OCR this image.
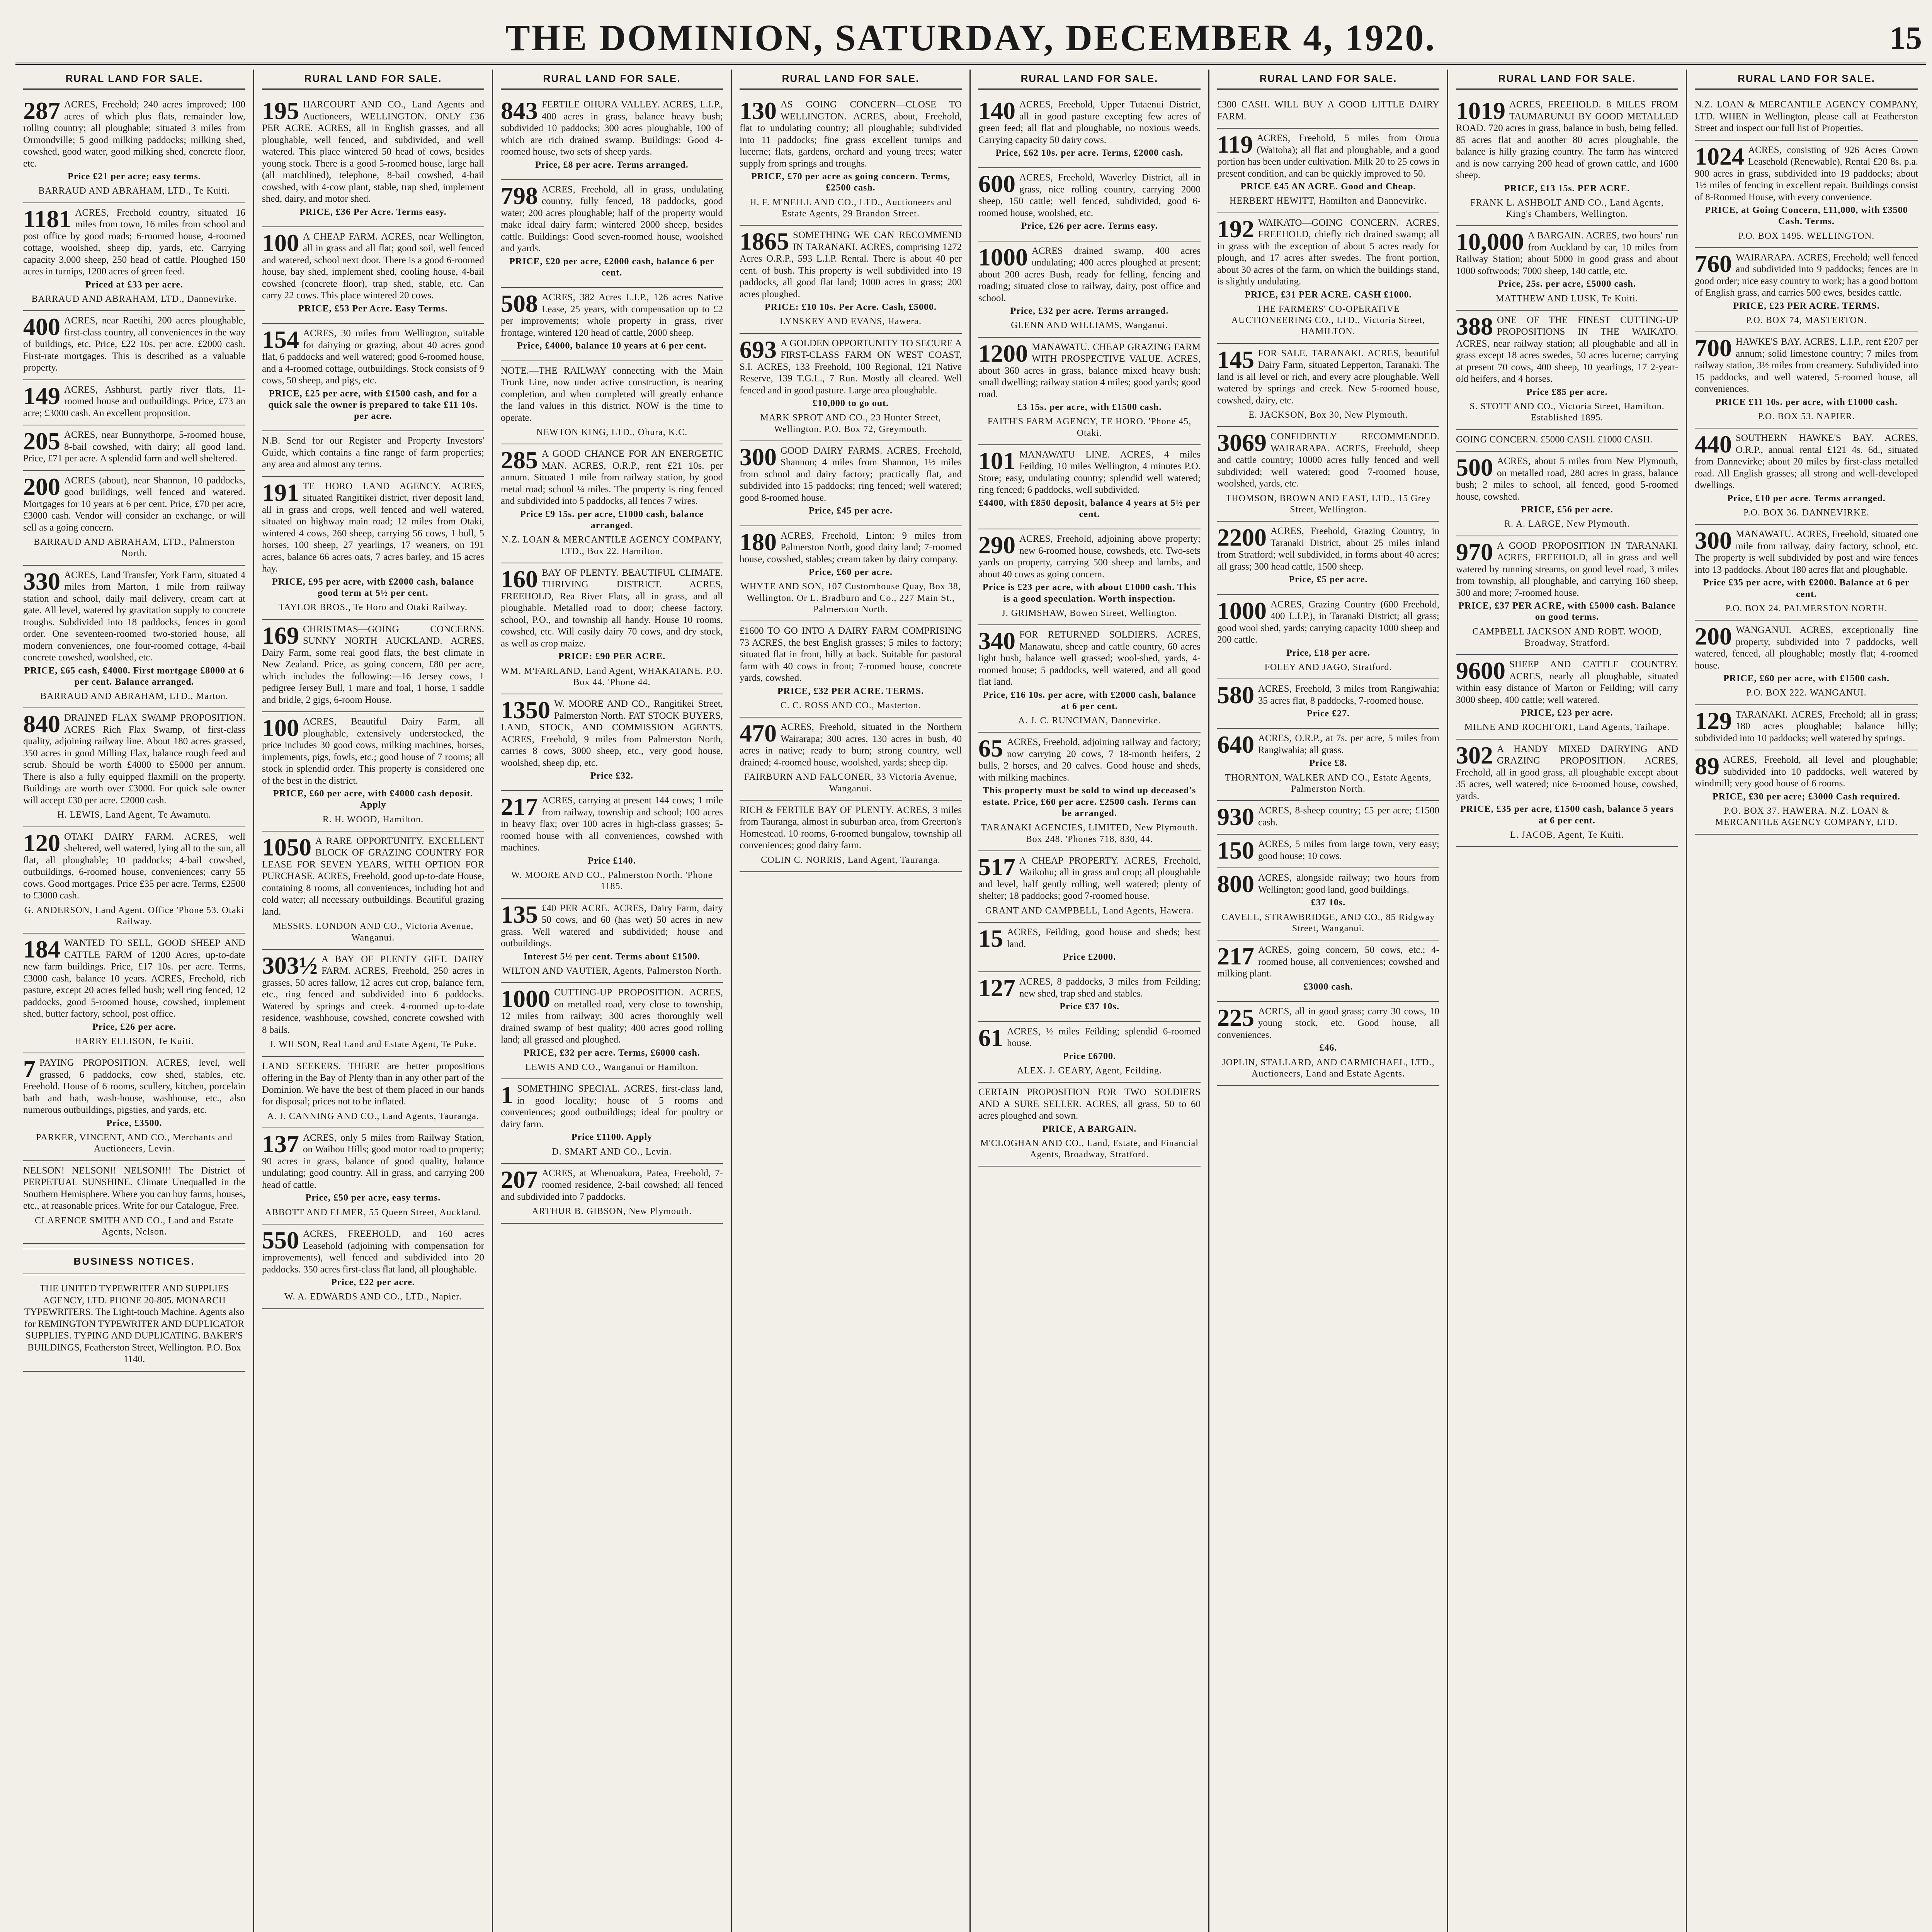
THE DOMINION, SATURDAY, DECEMBER 4, 1920.	15
RURAL LAND FOR SALE.
287 ACRES, Freehold; 240 acres improved; 100 acres of which plus flats, remainder low, rolling country; all ploughable; situated 3 miles from Ormondville; 5 good milking paddocks; milking shed, cowshed, good water, good milking shed, concrete floor, etc.
Price £21 per acre; easy terms.
BARRAUD AND ABRAHAM, LTD., Te Kuiti.
1181 ACRES, Freehold country, situated 16 miles from town, 16 miles from school and post office by good roads; 6-roomed house, 4-roomed cottage, woolshed, sheep dip, yards, etc. Carrying capacity 3,000 sheep, 250 head of cattle. Ploughed 150 acres in turnips, 1200 acres of green feed.
Priced at £33 per acre.
BARRAUD AND ABRAHAM, LTD., Dannevirke.
400 ACRES, near Raetihi, 200 acres ploughable, first-class country, all conveniences in the way of buildings, etc. Price, £22 10s. per acre. £2000 cash. First-rate mortgages. This is described as a valuable property.
149 ACRES, Ashhurst, partly river flats, 11-roomed house and outbuildings. Price, £73 an acre; £3000 cash. An excellent proposition.
205 ACRES, near Bunnythorpe, 5-roomed house, 8-bail cowshed, with dairy; all good land. Price, £71 per acre. A splendid farm and well sheltered.
200 ACRES (about), near Shannon, 10 paddocks, good buildings, well fenced and watered. Mortgages for 10 years at 6 per cent. Price, £70 per acre, £3000 cash. Vendor will consider an exchange, or will sell as a going concern.
BARRAUD AND ABRAHAM, LTD., Palmerston North.
330 ACRES, Land Transfer, York Farm, situated 4 miles from Marton, 1 mile from railway station and school, daily mail delivery, cream cart at gate. All level, watered by gravitation supply to concrete troughs. Subdivided into 18 paddocks, fences in good order. One seventeen-roomed two-storied house, all modern conveniences, one four-roomed cottage, 4-bail concrete cowshed, woolshed, etc.
PRICE, £65 cash, £4000. First mortgage £8000 at 6 per cent. Balance arranged.
BARRAUD AND ABRAHAM, LTD., Marton.
840 DRAINED FLAX SWAMP PROPOSITION. ACRES Rich Flax Swamp, of first-class quality, adjoining railway line. About 180 acres grassed, 350 acres in good Milling Flax, balance rough feed and scrub. Should be worth £4000 to £5000 per annum. There is also a fully equipped flaxmill on the property. Buildings are worth over £3000. For quick sale owner will accept £30 per acre. £2000 cash.
H. LEWIS, Land Agent, Te Awamutu.
120 OTAKI DAIRY FARM. ACRES, well sheltered, well watered, lying all to the sun, all flat, all ploughable; 10 paddocks; 4-bail cowshed, outbuildings, 6-roomed house, conveniences; carry 55 cows. Good mortgages. Price £35 per acre. Terms, £2500 to £3000 cash.
G. ANDERSON, Land Agent. Office 'Phone 53. Otaki Railway.
184 WANTED TO SELL, GOOD SHEEP AND CATTLE FARM of 1200 Acres, up-to-date new farm buildings. Price, £17 10s. per acre. Terms, £3000 cash, balance 10 years. ACRES, Freehold, rich pasture, except 20 acres felled bush; well ring fenced, 12 paddocks, good 5-roomed house, cowshed, implement shed, butter factory, school, post office.
Price, £26 per acre.
HARRY ELLISON, Te Kuiti.
7 PAYING PROPOSITION. ACRES, level, well grassed, 6 paddocks, cow shed, stables, etc. Freehold. House of 6 rooms, scullery, kitchen, porcelain bath and bath, wash-house, washhouse, etc., also numerous outbuildings, pigsties, and yards, etc.
Price, £3500.
PARKER, VINCENT, AND CO., Merchants and Auctioneers, Levin.
NELSON! NELSON!! NELSON!!! The District of PERPETUAL SUNSHINE. Climate Unequalled in the Southern Hemisphere. Where you can buy farms, houses, etc., at reasonable prices. Write for our Catalogue, Free.
CLARENCE SMITH AND CO., Land and Estate Agents, Nelson.
BUSINESS NOTICES.
THE UNITED TYPEWRITER AND SUPPLIES AGENCY, LTD. PHONE 20-805. MONARCH TYPEWRITERS. The Light-touch Machine. Agents also for REMINGTON TYPEWRITER AND DUPLICATOR SUPPLIES. TYPING AND DUPLICATING. BAKER'S BUILDINGS, Featherston Street, Wellington. P.O. Box 1140.
RURAL LAND FOR SALE.
195 HARCOURT AND CO., Land Agents and Auctioneers, WELLINGTON. ONLY £36 PER ACRE. ACRES, all in English grasses, and all ploughable, well fenced, and subdivided, and well watered. This place wintered 50 head of cows, besides young stock. There is a good 5-roomed house, large hall (all matchlined), telephone, 8-bail cowshed, 4-bail cowshed, with 4-cow plant, stable, trap shed, implement shed, dairy, and motor shed.
PRICE, £36 Per Acre. Terms easy.
100 A CHEAP FARM. ACRES, near Wellington, all in grass and all flat; good soil, well fenced and watered, school next door. There is a good 6-roomed house, bay shed, implement shed, cooling house, 4-bail cowshed (concrete floor), trap shed, stable, etc. Can carry 22 cows. This place wintered 20 cows.
PRICE, £53 Per Acre. Easy Terms.
154 ACRES, 30 miles from Wellington, suitable for dairying or grazing, about 40 acres good flat, 6 paddocks and well watered; good 6-roomed house, and a 4-roomed cottage, outbuildings. Stock consists of 9 cows, 50 sheep, and pigs, etc.
PRICE, £25 per acre, with £1500 cash, and for a quick sale the owner is prepared to take £11 10s. per acre.
N.B. Send for our Register and Property Investors' Guide, which contains a fine range of farm properties; any area and almost any terms.
191 TE HORO LAND AGENCY. ACRES, situated Rangitikei district, river deposit land, all in grass and crops, well fenced and well watered, situated on highway main road; 12 miles from Otaki, wintered 4 cows, 260 sheep, carrying 56 cows, 1 bull, 5 horses, 100 sheep, 27 yearlings, 17 weaners, on 191 acres, balance 66 acres oats, 7 acres barley, and 15 acres hay.
PRICE, £95 per acre, with £2000 cash, balance good term at 5½ per cent.
TAYLOR BROS., Te Horo and Otaki Railway.
169 CHRISTMAS—GOING CONCERNS. SUNNY NORTH AUCKLAND. ACRES, Dairy Farm, some real good flats, the best climate in New Zealand. Price, as going concern, £80 per acre, which includes the following:—16 Jersey cows, 1 pedigree Jersey Bull, 1 mare and foal, 1 horse, 1 saddle and bridle, 2 gigs, 6-room House.
100 ACRES, Beautiful Dairy Farm, all ploughable, extensively understocked, the price includes 30 good cows, milking machines, horses, implements, pigs, fowls, etc.; good house of 7 rooms; all stock in splendid order. This property is considered one of the best in the district.
PRICE, £60 per acre, with £4000 cash deposit. Apply
R. H. WOOD, Hamilton.
1050 A RARE OPPORTUNITY. EXCELLENT BLOCK OF GRAZING COUNTRY FOR LEASE FOR SEVEN YEARS, WITH OPTION FOR PURCHASE. ACRES, Freehold, good up-to-date House, containing 8 rooms, all conveniences, including hot and cold water; all necessary outbuildings. Beautiful grazing land.
MESSRS. LONDON AND CO., Victoria Avenue, Wanganui.
303½ A BAY OF PLENTY GIFT. DAIRY FARM. ACRES, Freehold, 250 acres in grasses, 50 acres fallow, 12 acres cut crop, balance fern, etc., ring fenced and subdivided into 6 paddocks. Watered by springs and creek. 4-roomed up-to-date residence, washhouse, cowshed, concrete cowshed with 8 bails.
J. WILSON, Real Land and Estate Agent, Te Puke.
LAND SEEKERS. THERE are better propositions offering in the Bay of Plenty than in any other part of the Dominion. We have the best of them placed in our hands for disposal; prices not to be inflated.
A. J. CANNING AND CO., Land Agents, Tauranga.
137 ACRES, only 5 miles from Railway Station, on Waihou Hills; good motor road to property; 90 acres in grass, balance of good quality, balance undulating; good country. All in grass, and carrying 200 head of cattle.
Price, £50 per acre, easy terms.
ABBOTT AND ELMER, 55 Queen Street, Auckland.
550 ACRES, FREEHOLD, and 160 acres Leasehold (adjoining with compensation for improvements), well fenced and subdivided into 20 paddocks. 350 acres first-class flat land, all ploughable.
Price, £22 per acre.
W. A. EDWARDS AND CO., LTD., Napier.
RURAL LAND FOR SALE.
843 FERTILE OHURA VALLEY. ACRES, L.I.P., 400 acres in grass, balance heavy bush; subdivided 10 paddocks; 300 acres ploughable, 100 of which are rich drained swamp. Buildings: Good 4-roomed house, two sets of sheep yards.
Price, £8 per acre. Terms arranged.
798 ACRES, Freehold, all in grass, undulating country, fully fenced, 18 paddocks, good water; 200 acres ploughable; half of the property would make ideal dairy farm; wintered 2000 sheep, besides cattle. Buildings: Good seven-roomed house, woolshed and yards.
PRICE, £20 per acre, £2000 cash, balance 6 per cent.
508 ACRES, 382 Acres L.I.P., 126 acres Native Lease, 25 years, with compensation up to £2 per improvements; whole property in grass, river frontage, wintered 120 head of cattle, 2000 sheep.
Price, £4000, balance 10 years at 6 per cent.
NOTE.—THE RAILWAY connecting with the Main Trunk Line, now under active construction, is nearing completion, and when completed will greatly enhance the land values in this district. NOW is the time to operate.
NEWTON KING, LTD., Ohura, K.C.
285 A GOOD CHANCE FOR AN ENERGETIC MAN. ACRES, O.R.P., rent £21 10s. per annum. Situated 1 mile from railway station, by good metal road; school ¼ miles. The property is ring fenced and subdivided into 5 paddocks, all fences 7 wires.
Price £9 15s. per acre, £1000 cash, balance arranged.
N.Z. LOAN & MERCANTILE AGENCY COMPANY, LTD., Box 22. Hamilton.
160 BAY OF PLENTY. BEAUTIFUL CLIMATE. THRIVING DISTRICT. ACRES, FREEHOLD, Rea River Flats, all in grass, and all ploughable. Metalled road to door; cheese factory, school, P.O., and township all handy. House 10 rooms, cowshed, etc. Will easily dairy 70 cows, and dry stock, as well as crop maize.
PRICE: £90 PER ACRE.
WM. M'FARLAND, Land Agent, WHAKATANE. P.O. Box 44. 'Phone 44.
1350 W. MOORE AND CO., Rangitikei Street, Palmerston North. FAT STOCK BUYERS, LAND, STOCK, AND COMMISSION AGENTS. ACRES, Freehold, 9 miles from Palmerston North, carries 8 cows, 3000 sheep, etc., very good house, woolshed, sheep dip, etc.
Price £32.
217 ACRES, carrying at present 144 cows; 1 mile from railway, township and school; 100 acres in heavy flax; over 100 acres in high-class grasses; 5-roomed house with all conveniences, cowshed with machines.
Price £140.
W. MOORE AND CO., Palmerston North. 'Phone 1185.
135 £40 PER ACRE. ACRES, Dairy Farm, dairy 50 cows, and 60 (has wet) 50 acres in new grass. Well watered and subdivided; house and outbuildings.
Interest 5½ per cent. Terms about £1500.
WILTON AND VAUTIER, Agents, Palmerston North.
1000 CUTTING-UP PROPOSITION. ACRES, on metalled road, very close to township, 12 miles from railway; 300 acres thoroughly well drained swamp of best quality; 400 acres good rolling land; all grassed and ploughed.
PRICE, £32 per acre. Terms, £6000 cash.
LEWIS AND CO., Wanganui or Hamilton.
1 SOMETHING SPECIAL. ACRES, first-class land, in good locality; house of 5 rooms and conveniences; good outbuildings; ideal for poultry or dairy farm.
Price £1100. Apply
D. SMART AND CO., Levin.
207 ACRES, at Whenuakura, Patea, Freehold, 7-roomed residence, 2-bail cowshed; all fenced and subdivided into 7 paddocks.
ARTHUR B. GIBSON, New Plymouth.
RURAL LAND FOR SALE.
130 AS GOING CONCERN—CLOSE TO WELLINGTON. ACRES, about, Freehold, flat to undulating country; all ploughable; subdivided into 11 paddocks; fine grass excellent turnips and lucerne; flats, gardens, orchard and young trees; water supply from springs and troughs.
PRICE, £70 per acre as going concern. Terms, £2500 cash.
H. F. M'NEILL AND CO., LTD., Auctioneers and Estate Agents, 29 Brandon Street.
1865 SOMETHING WE CAN RECOMMEND IN TARANAKI. ACRES, comprising 1272 Acres O.R.P., 593 L.I.P. Rental. There is about 40 per cent. of bush. This property is well subdivided into 19 paddocks, all good flat land; 1000 acres in grass; 200 acres ploughed.
PRICE: £10 10s. Per Acre. Cash, £5000.
LYNSKEY AND EVANS, Hawera.
693 A GOLDEN OPPORTUNITY TO SECURE A FIRST-CLASS FARM ON WEST COAST, S.I. ACRES, 133 Freehold, 100 Regional, 121 Native Reserve, 139 T.G.L., 7 Run. Mostly all cleared. Well fenced and in good pasture. Large area ploughable.
£10,000 to go out.
MARK SPROT AND CO., 23 Hunter Street, Wellington. P.O. Box 72, Greymouth.
300 GOOD DAIRY FARMS. ACRES, Freehold, Shannon; 4 miles from Shannon, 1½ miles from school and dairy factory; practically flat, and subdivided into 15 paddocks; ring fenced; well watered; good 8-roomed house.
Price, £45 per acre.
180 ACRES, Freehold, Linton; 9 miles from Palmerston North, good dairy land; 7-roomed house, cowshed, stables; cream taken by dairy company.
Price, £60 per acre.
WHYTE AND SON, 107 Customhouse Quay, Box 38, Wellington. Or L. Bradburn and Co., 227 Main St., Palmerston North.
£1600 TO GO INTO A DAIRY FARM COMPRISING 73 ACRES, the best English grasses; 5 miles to factory; situated flat in front, hilly at back. Suitable for pastoral farm with 40 cows in front; 7-roomed house, concrete yards, cowshed.
PRICE, £32 PER ACRE. TERMS.
C. C. ROSS AND CO., Masterton.
470 ACRES, Freehold, situated in the Northern Wairarapa; 300 acres, 130 acres in bush, 40 acres in native; ready to burn; strong country, well drained; 4-roomed house, woolshed, yards; sheep dip.
FAIRBURN AND FALCONER, 33 Victoria Avenue, Wanganui.
RICH & FERTILE BAY OF PLENTY. ACRES, 3 miles from Tauranga, almost in suburban area, from Greerton's Homestead. 10 rooms, 6-roomed bungalow, township all conveniences; good dairy farm.
COLIN C. NORRIS, Land Agent, Tauranga.
RURAL LAND FOR SALE.
140 ACRES, Freehold, Upper Tutaenui District, all in good pasture excepting few acres of green feed; all flat and ploughable, no noxious weeds. Carrying capacity 50 dairy cows.
Price, £62 10s. per acre. Terms, £2000 cash.
600 ACRES, Freehold, Waverley District, all in grass, nice rolling country, carrying 2000 sheep, 150 cattle; well fenced, subdivided, good 6-roomed house, woolshed, etc.
Price, £26 per acre. Terms easy.
1000 ACRES drained swamp, 400 acres undulating; 400 acres ploughed at present; about 200 acres Bush, ready for felling, fencing and roading; situated close to railway, dairy, post office and school.
Price, £32 per acre. Terms arranged.
GLENN AND WILLIAMS, Wanganui.
1200 MANAWATU. CHEAP GRAZING FARM WITH PROSPECTIVE VALUE. ACRES, about 360 acres in grass, balance mixed heavy bush; small dwelling; railway station 4 miles; good yards; good road.
£3 15s. per acre, with £1500 cash.
FAITH'S FARM AGENCY, TE HORO. 'Phone 45, Otaki.
101 MANAWATU LINE. ACRES, 4 miles Feilding, 10 miles Wellington, 4 minutes P.O. Store; easy, undulating country; splendid well watered; ring fenced; 6 paddocks, well subdivided.
£4400, with £850 deposit, balance 4 years at 5½ per cent.
290 ACRES, Freehold, adjoining above property; new 6-roomed house, cowsheds, etc. Two-sets yards on property, carrying 500 sheep and lambs, and about 40 cows as going concern.
Price is £23 per acre, with about £1000 cash. This is a good speculation. Worth inspection.
J. GRIMSHAW, Bowen Street, Wellington.
340 FOR RETURNED SOLDIERS. ACRES, Manawatu, sheep and cattle country, 60 acres light bush, balance well grassed; wool-shed, yards, 4-roomed house; 5 paddocks, well watered, and all good flat land.
Price, £16 10s. per acre, with £2000 cash, balance at 6 per cent.
A. J. C. RUNCIMAN, Dannevirke.
65 ACRES, Freehold, adjoining railway and factory; now carrying 20 cows, 7 18-month heifers, 2 bulls, 2 horses, and 20 calves. Good house and sheds, with milking machines.
This property must be sold to wind up deceased's estate. Price, £60 per acre. £2500 cash. Terms can be arranged.
TARANAKI AGENCIES, LIMITED, New Plymouth. Box 248. 'Phones 718, 830, 44.
517 A CHEAP PROPERTY. ACRES, Freehold, Waikohu; all in grass and crop; all ploughable and level, half gently rolling, well watered; plenty of shelter; 18 paddocks; good 7-roomed house.
GRANT AND CAMPBELL, Land Agents, Hawera.
15 ACRES, Feilding, good house and sheds; best land.
Price £2000.
127 ACRES, 8 paddocks, 3 miles from Feilding; new shed, trap shed and stables.
Price £37 10s.
61 ACRES, ½ miles Feilding; splendid 6-roomed house.
Price £6700.
ALEX. J. GEARY, Agent, Feilding.
CERTAIN PROPOSITION FOR TWO SOLDIERS AND A SURE SELLER. ACRES, all grass, 50 to 60 acres ploughed and sown.
PRICE, A BARGAIN.
M'CLOGHAN AND CO., Land, Estate, and Financial Agents, Broadway, Stratford.
RURAL LAND FOR SALE.
£300 CASH. WILL BUY A GOOD LITTLE DAIRY FARM.
119 ACRES, Freehold, 5 miles from Oroua (Waitoha); all flat and ploughable, and a good portion has been under cultivation. Milk 20 to 25 cows in present condition, and can be quickly improved to 50.
PRICE £45 AN ACRE. Good and Cheap.
HERBERT HEWITT, Hamilton and Dannevirke.
192 WAIKATO—GOING CONCERN. ACRES, FREEHOLD, chiefly rich drained swamp; all in grass with the exception of about 5 acres ready for plough, and 17 acres after swedes. The front portion, about 30 acres of the farm, on which the buildings stand, is slightly undulating.
PRICE, £31 PER ACRE. CASH £1000.
THE FARMERS' CO-OPERATIVE AUCTIONEERING CO., LTD., Victoria Street, HAMILTON.
145 FOR SALE. TARANAKI. ACRES, beautiful Dairy Farm, situated Lepperton, Taranaki. The land is all level or rich, and every acre ploughable. Well watered by springs and creek. New 5-roomed house, cowshed, dairy, etc.
E. JACKSON, Box 30, New Plymouth.
3069 CONFIDENTLY RECOMMENDED. WAIRARAPA. ACRES, Freehold, sheep and cattle country; 10000 acres fully fenced and well subdivided; well watered; good 7-roomed house, woolshed, yards, etc.
THOMSON, BROWN AND EAST, LTD., 15 Grey Street, Wellington.
2200 ACRES, Freehold, Grazing Country, in Taranaki District, about 25 miles inland from Stratford; well subdivided, in forms about 40 acres; all grass; 300 head cattle, 1500 sheep.
Price, £5 per acre.
1000 ACRES, Grazing Country (600 Freehold, 400 L.I.P.), in Taranaki District; all grass; good wool shed, yards; carrying capacity 1000 sheep and 200 cattle.
Price, £18 per acre.
FOLEY AND JAGO, Stratford.
580 ACRES, Freehold, 3 miles from Rangiwahia; 35 acres flat, 8 paddocks, 7-roomed house.
Price £27.
640 ACRES, O.R.P., at 7s. per acre, 5 miles from Rangiwahia; all grass.
Price £8.
THORNTON, WALKER AND CO., Estate Agents, Palmerston North.
930 ACRES, 8-sheep country; £5 per acre; £1500 cash.
150 ACRES, 5 miles from large town, very easy; good house; 10 cows.
800 ACRES, alongside railway; two hours from Wellington; good land, good buildings.
£37 10s.
CAVELL, STRAWBRIDGE, AND CO., 85 Ridgway Street, Wanganui.
217 ACRES, going concern, 50 cows, etc.; 4-roomed house, all conveniences; cowshed and milking plant.
£3000 cash.
225 ACRES, all in good grass; carry 30 cows, 10 young stock, etc. Good house, all conveniences.
£46.
JOPLIN, STALLARD, AND CARMICHAEL, LTD., Auctioneers, Land and Estate Agents.
RURAL LAND FOR SALE.
1019 ACRES, FREEHOLD. 8 MILES FROM TAUMARUNUI BY GOOD METALLED ROAD. 720 acres in grass, balance in bush, being felled. 85 acres flat and another 80 acres ploughable, the balance is hilly grazing country. The farm has wintered and is now carrying 200 head of grown cattle, and 1600 sheep.
PRICE, £13 15s. PER ACRE.
FRANK L. ASHBOLT AND CO., Land Agents, King's Chambers, Wellington.
10,000 A BARGAIN. ACRES, two hours' run from Auckland by car, 10 miles from Railway Station; about 5000 in good grass and about 1000 softwoods; 7000 sheep, 140 cattle, etc.
Price, 25s. per acre, £5000 cash.
MATTHEW AND LUSK, Te Kuiti.
388 ONE OF THE FINEST CUTTING-UP PROPOSITIONS IN THE WAIKATO. ACRES, near railway station; all ploughable and all in grass except 18 acres swedes, 50 acres lucerne; carrying at present 70 cows, 400 sheep, 10 yearlings, 17 2-year-old heifers, and 4 horses.
Price £85 per acre.
S. STOTT AND CO., Victoria Street, Hamilton. Established 1895.
GOING CONCERN. £5000 CASH. £1000 CASH.
500 ACRES, about 5 miles from New Plymouth, on metalled road, 280 acres in grass, balance bush; 2 miles to school, all fenced, good 5-roomed house, cowshed.
PRICE, £56 per acre.
R. A. LARGE, New Plymouth.
970 A GOOD PROPOSITION IN TARANAKI. ACRES, FREEHOLD, all in grass and well watered by running streams, on good level road, 3 miles from township, all ploughable, and carrying 160 sheep, 500 and more; 7-roomed house.
PRICE, £37 PER ACRE, with £5000 cash. Balance on good terms.
CAMPBELL JACKSON AND ROBT. WOOD, Broadway, Stratford.
9600 SHEEP AND CATTLE COUNTRY. ACRES, nearly all ploughable, situated within easy distance of Marton or Feilding; will carry 3000 sheep, 400 cattle; well watered.
PRICE, £23 per acre.
MILNE AND ROCHFORT, Land Agents, Taihape.
302 A HANDY MIXED DAIRYING AND GRAZING PROPOSITION. ACRES, Freehold, all in good grass, all ploughable except about 35 acres, well watered; nice 6-roomed house, cowshed, yards.
PRICE, £35 per acre, £1500 cash, balance 5 years at 6 per cent.
L. JACOB, Agent, Te Kuiti.
RURAL LAND FOR SALE.
N.Z. LOAN & MERCANTILE AGENCY COMPANY, LTD. WHEN in Wellington, please call at Featherston Street and inspect our full list of Properties.
1024 ACRES, consisting of 926 Acres Crown Leasehold (Renewable), Rental £20 8s. p.a. 900 acres in grass, subdivided into 19 paddocks; about 1½ miles of fencing in excellent repair. Buildings consist of 8-Roomed House, with every convenience.
PRICE, at Going Concern, £11,000, with £3500 Cash. Terms.
P.O. BOX 1495. WELLINGTON.
760 WAIRARAPA. ACRES, Freehold; well fenced and subdivided into 9 paddocks; fences are in good order; nice easy country to work; has a good bottom of English grass, and carries 500 ewes, besides cattle.
PRICE, £23 PER ACRE. TERMS.
P.O. BOX 74, MASTERTON.
700 HAWKE'S BAY. ACRES, L.I.P., rent £207 per annum; solid limestone country; 7 miles from railway station, 3½ miles from creamery. Subdivided into 15 paddocks, and well watered, 5-roomed house, all conveniences.
PRICE £11 10s. per acre, with £1000 cash.
P.O. BOX 53. NAPIER.
440 SOUTHERN HAWKE'S BAY. ACRES, O.R.P., annual rental £121 4s. 6d., situated from Dannevirke; about 20 miles by first-class metalled road. All English grasses; all strong and well-developed dwellings.
Price, £10 per acre. Terms arranged.
P.O. BOX 36. DANNEVIRKE.
300 MANAWATU. ACRES, Freehold, situated one mile from railway, dairy factory, school, etc. The property is well subdivided by post and wire fences into 13 paddocks. About 180 acres flat and ploughable.
Price £35 per acre, with £2000. Balance at 6 per cent.
P.O. BOX 24. PALMERSTON NORTH.
200 WANGANUI. ACRES, exceptionally fine property, subdivided into 7 paddocks, well watered, fenced, all ploughable; mostly flat; 4-roomed house.
PRICE, £60 per acre, with £1500 cash.
P.O. BOX 222. WANGANUI.
129 TARANAKI. ACRES, Freehold; all in grass; 180 acres ploughable; balance hilly; subdivided into 10 paddocks; well watered by springs.
89 ACRES, Freehold, all level and ploughable; subdivided into 10 paddocks, well watered by windmill; very good house of 6 rooms.
PRICE, £30 per acre; £3000 Cash required.
P.O. BOX 37. HAWERA. N.Z. LOAN & MERCANTILE AGENCY COMPANY, LTD.
